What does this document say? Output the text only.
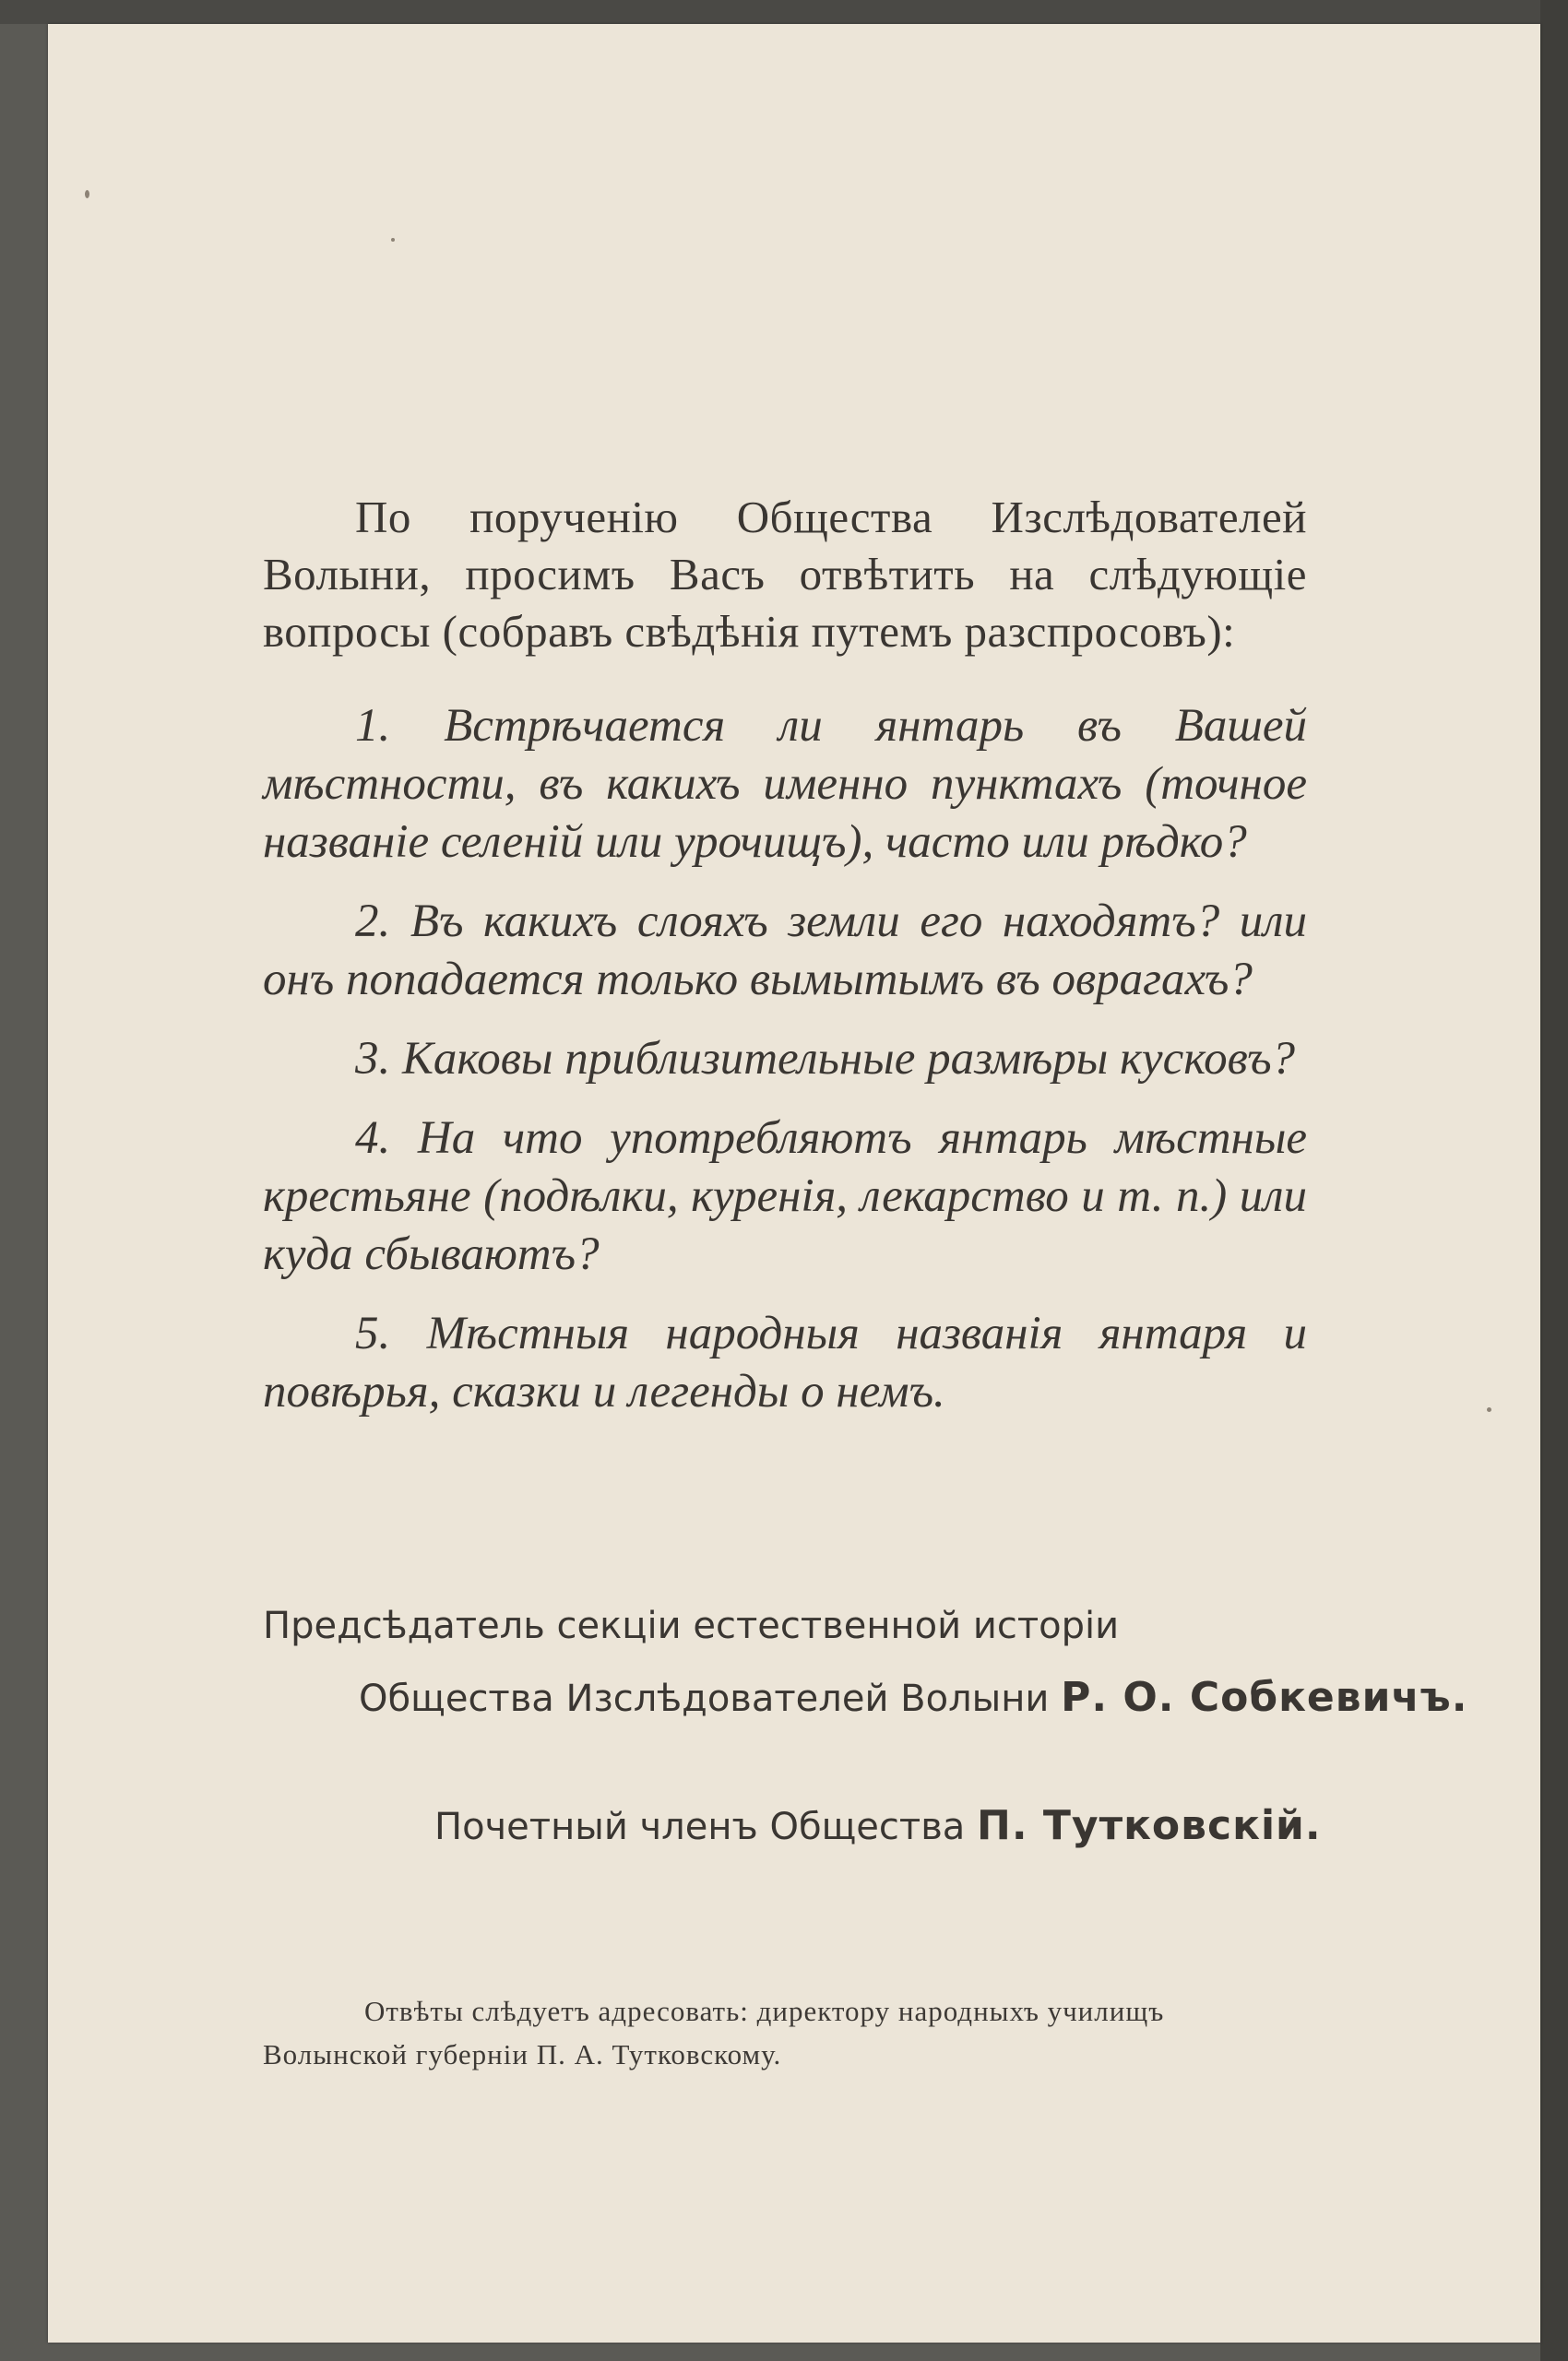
По порученію Общества Изслѣдователей Волыни, просимъ Васъ отвѣтить на слѣдующіе вопросы (собравъ свѣдѣнія путемъ разспросовъ):

1. Встрѣчается ли янтарь въ Вашей мѣстности, въ какихъ именно пунктахъ (точное названіе селеній или урочищъ), часто или рѣдко?

2. Въ какихъ слояхъ земли его находятъ? или онъ попадается только вымытымъ въ оврагахъ?

3. Каковы приблизительные размѣры кусковъ?

4. На что употребляютъ янтарь мѣстные крестьяне (подѣлки, куренія, лекарство и т. п.) или куда сбываютъ?

5. Мѣстныя народныя названія янтаря и повѣрья, сказки и легенды о немъ.

Предсѣдатель секціи естественной исторіи
Общества Изслѣдователей Волыни Р. О. Собкевичъ.
Почетный членъ Общества П. Тутковскій.

Отвѣты слѣдуетъ адресовать: директору народныхъ училищъ

Волынской губерніи П. А. Тутковскому.
